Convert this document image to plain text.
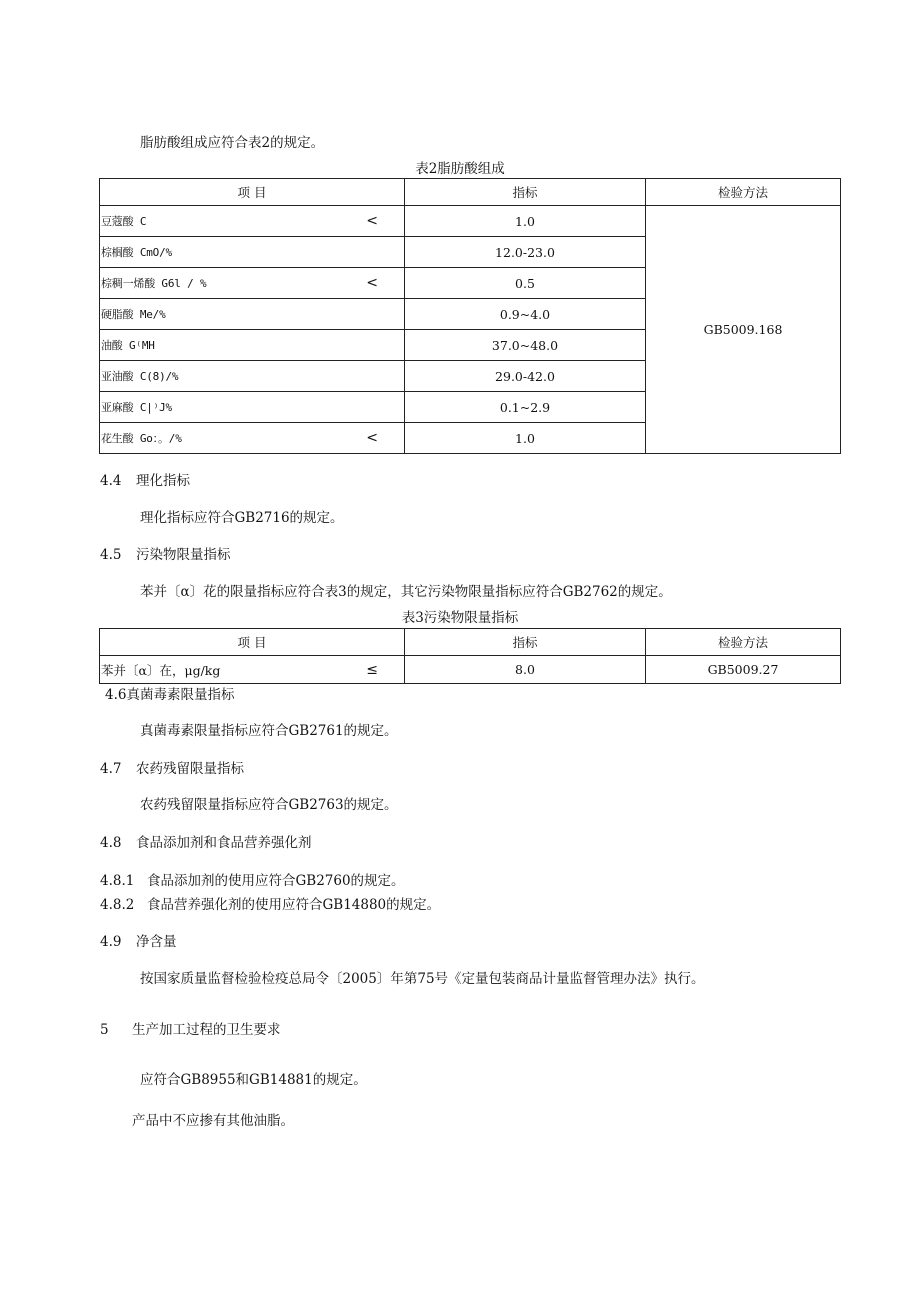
脂肪酸组成应符合表2的规定。
表2脂肪酸组成
项 目	指标	检验方法

豆蔻酸 C <	1.0	GB5009.168

棕榈酸 CmO/%	12.0-23.0	

棕稠一烯酸 G6l / % <	0.5	

硬脂酸 Me/%	0.9~4.0	

油酸 G⁽MH	37.0~48.0	

亚油酸 C(8)/%	29.0-42.0	

亚麻酸 C|⁾J%	0.1~2.9	

花生酸 Go：。/% <	1.0	
4.4 理化指标
理化指标应符合GB2716的规定。
4.5 污染物限量指标
苯并〔α〕花的限量指标应符合表3的规定，其它污染物限量指标应符合GB2762的规定。
表3污染物限量指标
项 目	指标	检验方法

苯并〔α〕在，μg/kg ≤	8.0	GB5009.27
4.6真菌毒素限量指标
真菌毒素限量指标应符合GB2761的规定。
4.7 农药残留限量指标
农药残留限量指标应符合GB2763的规定。
4.8 食品添加剂和食品营养强化剂
4.8.1 食品添加剂的使用应符合GB2760的规定。
4.8.2 食品营养强化剂的使用应符合GB14880的规定。
4.9 净含量
按国家质量监督检验检疫总局令〔2005〕年第75号《定量包装商品计量监督管理办法》执行。
5 生产加工过程的卫生要求
应符合GB8955和GB14881的规定。
产品中不应掺有其他油脂。
